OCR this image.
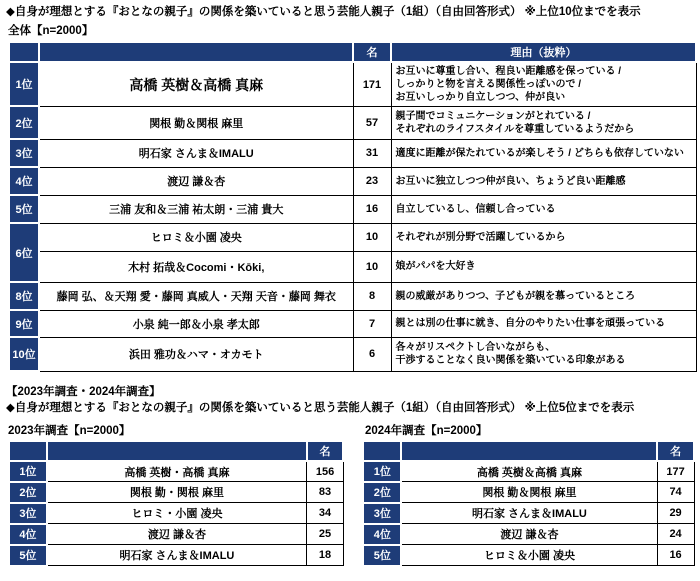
◆自身が理想とする『おとなの親子』の関係を築いていると思う芸能人親子（1組）（自由回答形式） ※上位10位までを表示
全体【n=2000】
		名	理由（抜粋）
1位	高橋 英樹＆高橋 真麻	171	お互いに尊重し合い、程良い距離感を保っている /
しっかりと物を言える関係性っぽいので /
お互いしっかり自立しつつ、仲が良い

2位	関根 勤＆関根 麻里	57	親子間でコミュニケーションがとれている /
それぞれのライフスタイルを尊重しているようだから

3位	明石家 さんま＆IMALU	31	適度に距離が保たれているが楽しそう / どちらも依存していない
4位	渡辺 謙＆杏	23	お互いに独立しつつ仲が良い、ちょうど良い距離感
5位	三浦 友和＆三浦 祐太朗・三浦 貴大	16	自立しているし、信頼し合っている
6位	ヒロミ＆小園 凌央	10	それぞれが別分野で活躍しているから
	木村 拓哉＆Cocomi・Kōki,	10	娘がパパを大好き
8位	藤岡 弘、＆天翔 愛・藤岡 真威人・天翔 天音・藤岡 舞衣	8	親の威厳がありつつ、子どもが親を慕っているところ
9位	小泉 純一郎＆小泉 孝太郎	7	親とは別の仕事に就き、自分のやりたい仕事を頑張っている
10位	浜田 雅功＆ハマ・オカモト	6	各々がリスペクトし合いながらも、
干渉することなく良い関係を築いている印象がある
【2023年調査・2024年調査】
◆自身が理想とする『おとなの親子』の関係を築いていると思う芸能人親子（1組）（自由回答形式） ※上位5位までを表示
2023年調査【n=2000】	2024年調査【n=2000】
		名
1位	高橋 英樹・高橋 真麻	156
2位	関根 勤・関根 麻里	83
3位	ヒロミ・小園 凌央	34
4位	渡辺 謙＆杏	25
5位	明石家 さんま＆IMALU	18
		名
1位	高橋 英樹＆高橋 真麻	177
2位	関根 勤＆関根 麻里	74
3位	明石家 さんま＆IMALU	29
4位	渡辺 謙＆杏	24
5位	ヒロミ＆小園 凌央	16
